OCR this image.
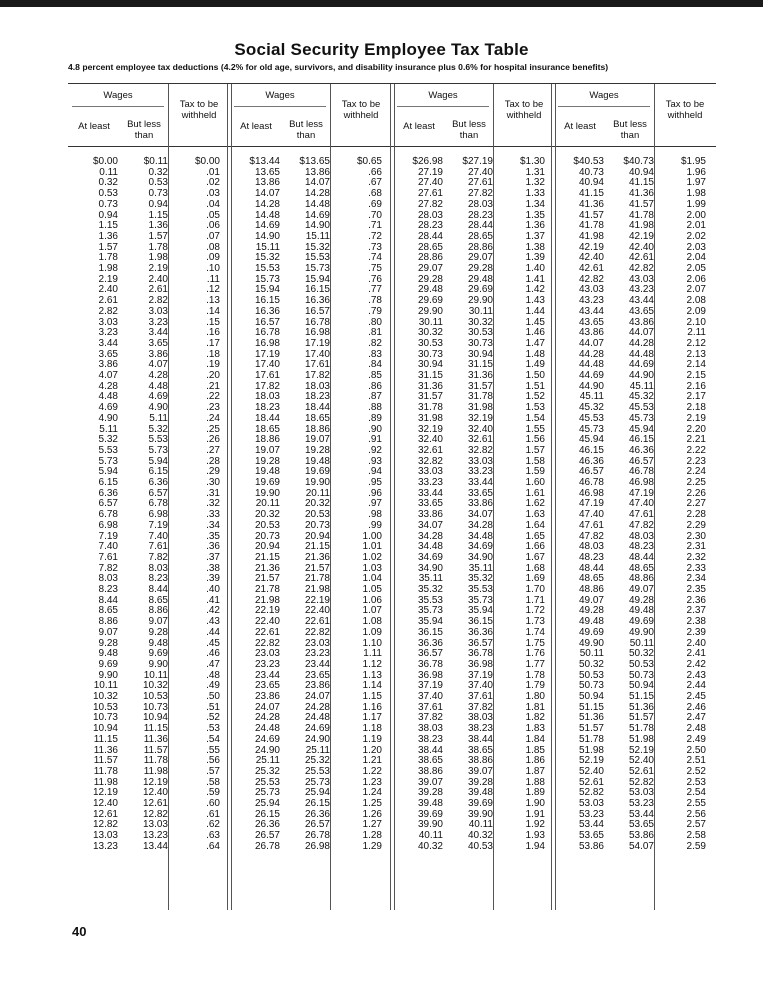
Social Security Employee Tax Table
4.8 percent employee tax deductions (4.2% for old age, survivors, and disability insurance plus 0.6% for hospital insurance benefits)
Wages
At least	But less than
Tax to be withheld
Wages
At least	But less than
Tax to be withheld
Wages
At least	But less than
Tax to be withheld
Wages
At least	But less than
Tax to be withheld
$0.00	$0.11	$0.00	$13.44	$13.65	$0.65	$26.98	$27.19	$1.30	$40.53	$40.73	$1.95
0.11	0.32	.01	13.65	13.86	.66	27.19	27.40	1.31	40.73	40.94	1.96
0.32	0.53	.02	13.86	14.07	.67	27.40	27.61	1.32	40.94	41.15	1.97
0.53	0.73	.03	14.07	14.28	.68	27.61	27.82	1.33	41.15	41.36	1.98
0.73	0.94	.04	14.28	14.48	.69	27.82	28.03	1.34	41.36	41.57	1.99
0.94	1.15	.05	14.48	14.69	.70	28.03	28.23	1.35	41.57	41.78	2.00
1.15	1.36	.06	14.69	14.90	.71	28.23	28.44	1.36	41.78	41.98	2.01
1.36	1.57	.07	14.90	15.11	.72	28.44	28.65	1.37	41.98	42.19	2.02
1.57	1.78	.08	15.11	15.32	.73	28.65	28.86	1.38	42.19	42.40	2.03
1.78	1.98	.09	15.32	15.53	.74	28.86	29.07	1.39	42.40	42.61	2.04
1.98	2.19	.10	15.53	15.73	.75	29.07	29.28	1.40	42.61	42.82	2.05
2.19	2.40	.11	15.73	15.94	.76	29.28	29.48	1.41	42.82	43.03	2.06
2.40	2.61	.12	15.94	16.15	.77	29.48	29.69	1.42	43.03	43.23	2.07
2.61	2.82	.13	16.15	16.36	.78	29.69	29.90	1.43	43.23	43.44	2.08
2.82	3.03	.14	16.36	16.57	.79	29.90	30.11	1.44	43.44	43.65	2.09
3.03	3.23	.15	16.57	16.78	.80	30.11	30.32	1.45	43.65	43.86	2.10
3.23	3.44	.16	16.78	16.98	.81	30.32	30.53	1.46	43.86	44.07	2.11
3.44	3.65	.17	16.98	17.19	.82	30.53	30.73	1.47	44.07	44.28	2.12
3.65	3.86	.18	17.19	17.40	.83	30.73	30.94	1.48	44.28	44.48	2.13
3.86	4.07	.19	17.40	17.61	.84	30.94	31.15	1.49	44.48	44.69	2.14
4.07	4.28	.20	17.61	17.82	.85	31.15	31.36	1.50	44.69	44.90	2.15
4.28	4.48	.21	17.82	18.03	.86	31.36	31.57	1.51	44.90	45.11	2.16
4.48	4.69	.22	18.03	18.23	.87	31.57	31.78	1.52	45.11	45.32	2.17
4.69	4.90	.23	18.23	18.44	.88	31.78	31.98	1.53	45.32	45.53	2.18
4.90	5.11	.24	18.44	18.65	.89	31.98	32.19	1.54	45.53	45.73	2.19
5.11	5.32	.25	18.65	18.86	.90	32.19	32.40	1.55	45.73	45.94	2.20
5.32	5.53	.26	18.86	19.07	.91	32.40	32.61	1.56	45.94	46.15	2.21
5.53	5.73	.27	19.07	19.28	.92	32.61	32.82	1.57	46.15	46.36	2.22
5.73	5.94	.28	19.28	19.48	.93	32.82	33.03	1.58	46.36	46.57	2.23
5.94	6.15	.29	19.48	19.69	.94	33.03	33.23	1.59	46.57	46.78	2.24
6.15	6.36	.30	19.69	19.90	.95	33.23	33.44	1.60	46.78	46.98	2.25
6.36	6.57	.31	19.90	20.11	.96	33.44	33.65	1.61	46.98	47.19	2.26
6.57	6.78	.32	20.11	20.32	.97	33.65	33.86	1.62	47.19	47.40	2.27
6.78	6.98	.33	20.32	20.53	.98	33.86	34.07	1.63	47.40	47.61	2.28
6.98	7.19	.34	20.53	20.73	.99	34.07	34.28	1.64	47.61	47.82	2.29
7.19	7.40	.35	20.73	20.94	1.00	34.28	34.48	1.65	47.82	48.03	2.30
7.40	7.61	.36	20.94	21.15	1.01	34.48	34.69	1.66	48.03	48.23	2.31
7.61	7.82	.37	21.15	21.36	1.02	34.69	34.90	1.67	48.23	48.44	2.32
7.82	8.03	.38	21.36	21.57	1.03	34.90	35.11	1.68	48.44	48.65	2.33
8.03	8.23	.39	21.57	21.78	1.04	35.11	35.32	1.69	48.65	48.86	2.34
8.23	8.44	.40	21.78	21.98	1.05	35.32	35.53	1.70	48.86	49.07	2.35
8.44	8.65	.41	21.98	22.19	1.06	35.53	35.73	1.71	49.07	49.28	2.36
8.65	8.86	.42	22.19	22.40	1.07	35.73	35.94	1.72	49.28	49.48	2.37
8.86	9.07	.43	22.40	22.61	1.08	35.94	36.15	1.73	49.48	49.69	2.38
9.07	9.28	.44	22.61	22.82	1.09	36.15	36.36	1.74	49.69	49.90	2.39
9.28	9.48	.45	22.82	23.03	1.10	36.36	36.57	1.75	49.90	50.11	2.40
9.48	9.69	.46	23.03	23.23	1.11	36.57	36.78	1.76	50.11	50.32	2.41
9.69	9.90	.47	23.23	23.44	1.12	36.78	36.98	1.77	50.32	50.53	2.42
9.90	10.11	.48	23.44	23.65	1.13	36.98	37.19	1.78	50.53	50.73	2.43
10.11	10.32	.49	23.65	23.86	1.14	37.19	37.40	1.79	50.73	50.94	2.44
10.32	10.53	.50	23.86	24.07	1.15	37.40	37.61	1.80	50.94	51.15	2.45
10.53	10.73	.51	24.07	24.28	1.16	37.61	37.82	1.81	51.15	51.36	2.46
10.73	10.94	.52	24.28	24.48	1.17	37.82	38.03	1.82	51.36	51.57	2.47
10.94	11.15	.53	24.48	24.69	1.18	38.03	38.23	1.83	51.57	51.78	2.48
11.15	11.36	.54	24.69	24.90	1.19	38.23	38.44	1.84	51.78	51.98	2.49
11.36	11.57	.55	24.90	25.11	1.20	38.44	38.65	1.85	51.98	52.19	2.50
11.57	11.78	.56	25.11	25.32	1.21	38.65	38.86	1.86	52.19	52.40	2.51
11.78	11.98	.57	25.32	25.53	1.22	38.86	39.07	1.87	52.40	52.61	2.52
11.98	12.19	.58	25.53	25.73	1.23	39.07	39.28	1.88	52.61	52.82	2.53
12.19	12.40	.59	25.73	25.94	1.24	39.28	39.48	1.89	52.82	53.03	2.54
12.40	12.61	.60	25.94	26.15	1.25	39.48	39.69	1.90	53.03	53.23	2.55
12.61	12.82	.61	26.15	26.36	1.26	39.69	39.90	1.91	53.23	53.44	2.56
12.82	13.03	.62	26.36	26.57	1.27	39.90	40.11	1.92	53.44	53.65	2.57
13.03	13.23	.63	26.57	26.78	1.28	40.11	40.32	1.93	53.65	53.86	2.58
13.23	13.44	.64	26.78	26.98	1.29	40.32	40.53	1.94	53.86	54.07	2.59
40
